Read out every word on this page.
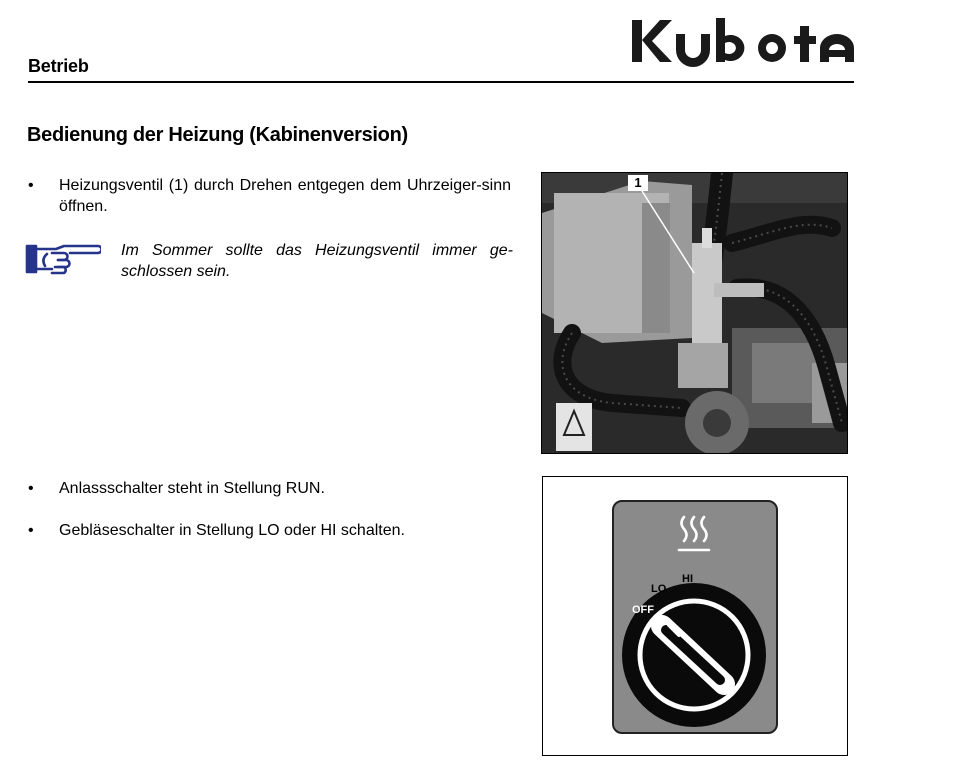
Betrieb
Bedienung der Heizung (Kabinenversion)
•	Heizungsventil (1) durch Drehen entgegen dem Uhrzeiger-sinn öffnen.
Im Sommer sollte das Heizungsventil immer ge-schlossen sein.
1
•	Anlassschalter steht in Stellung RUN.
•	Gebläseschalter in Stellung LO oder HI schalten.
LO
HI
OFF
